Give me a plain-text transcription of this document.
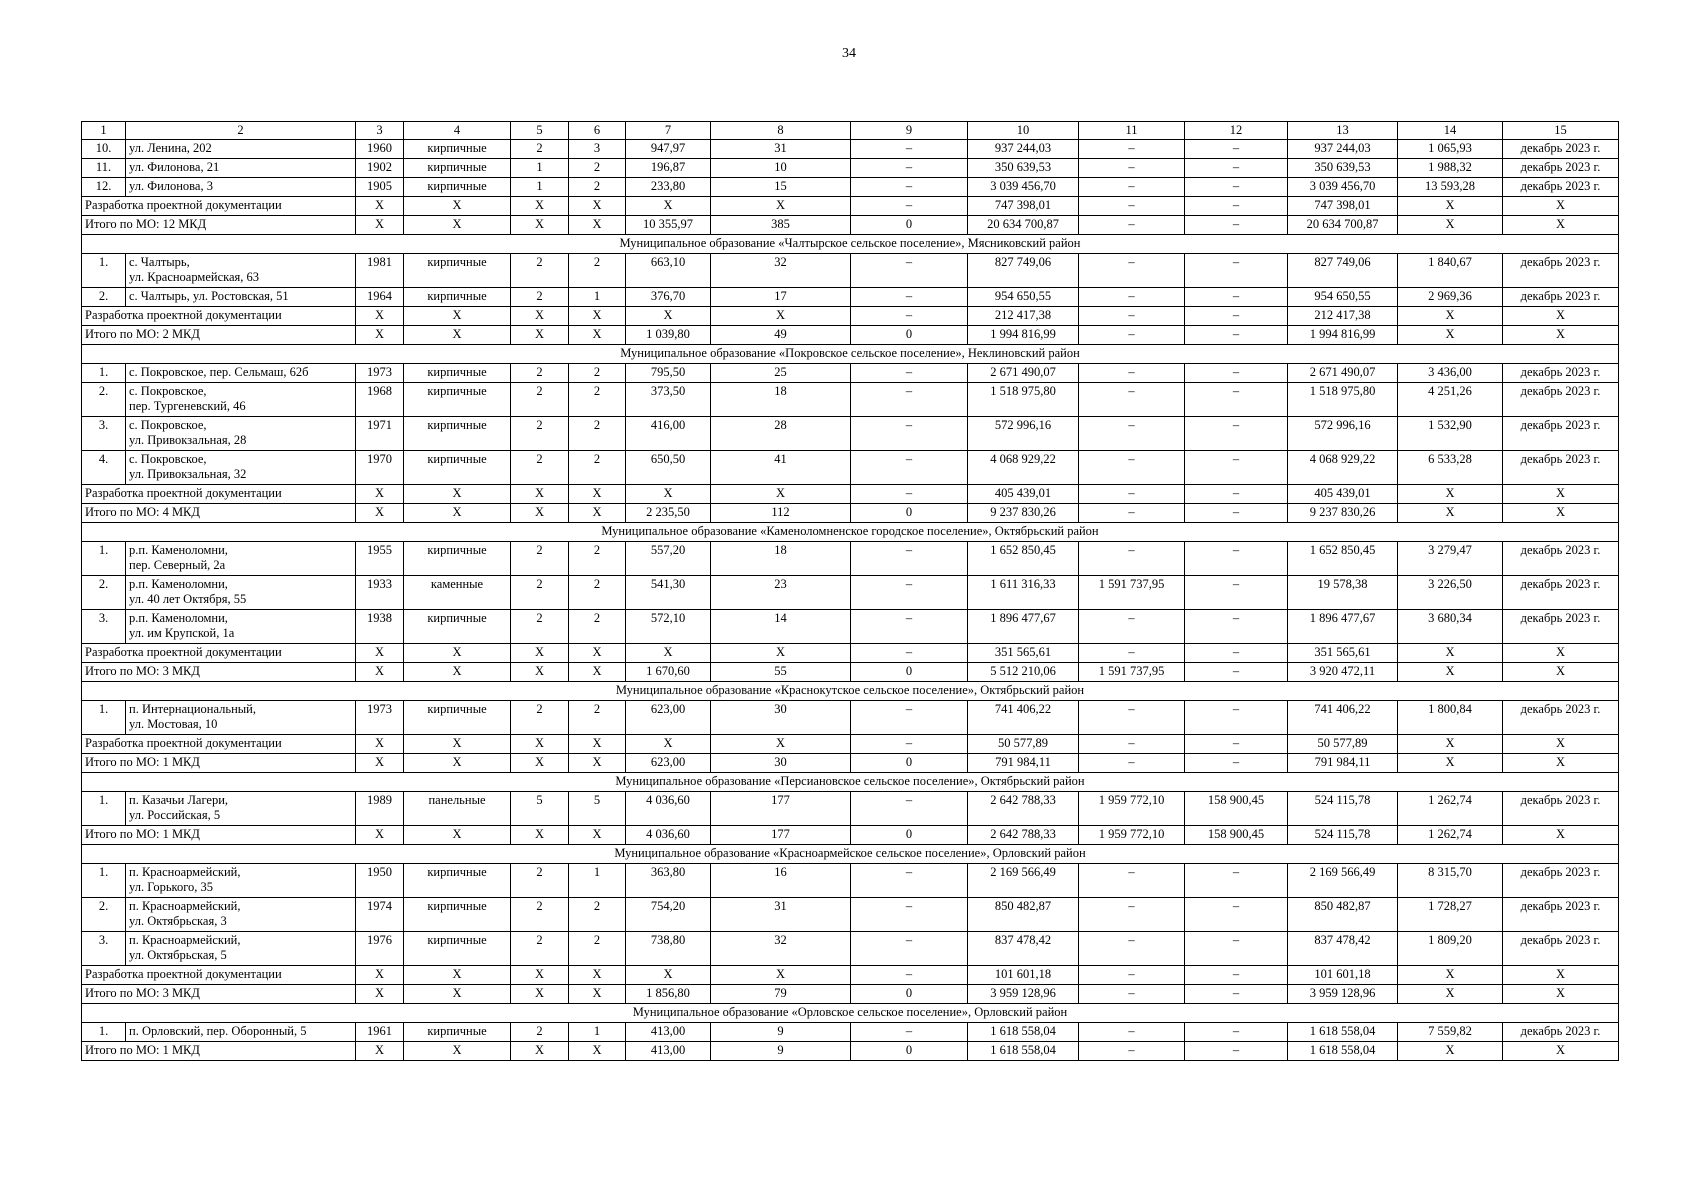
34
1	2	3	4	5	6	7	8	9	10	11	12	13	14	15
10.	ул. Ленина, 202	1960	кирпичные	2	3	947,97	31	–	937 244,03	–	–	937 244,03	1 065,93	декабрь 2023 г.
11.	ул. Филонова, 21	1902	кирпичные	1	2	196,87	10	–	350 639,53	–	–	350 639,53	1 988,32	декабрь 2023 г.
12.	ул. Филонова, 3	1905	кирпичные	1	2	233,80	15	–	3 039 456,70	–	–	3 039 456,70	13 593,28	декабрь 2023 г.
Разработка проектной документации		X	X	X	X	X	X	–	747 398,01	–	–	747 398,01	X	X
Итого по МО: 12 МКД		X	X	X	X	10 355,97	385	0	20 634 700,87	–	–	20 634 700,87	X	X
Муниципальное образование «Чалтырское сельское поселение», Мясниковский район														
1.	с. Чалтырь,
ул. Красноармейская, 63	1981	кирпичные	2	2	663,10	32	–	827 749,06	–	–	827 749,06	1 840,67	декабрь 2023 г.
2.	с. Чалтырь, ул. Ростовская, 51	1964	кирпичные	2	1	376,70	17	–	954 650,55	–	–	954 650,55	2 969,36	декабрь 2023 г.
Разработка проектной документации		X	X	X	X	X	X	–	212 417,38	–	–	212 417,38	X	X
Итого по МО: 2 МКД		X	X	X	X	1 039,80	49	0	1 994 816,99	–	–	1 994 816,99	X	X
Муниципальное образование «Покровское сельское поселение», Неклиновский район														
1.	с. Покровское, пер. Сельмаш, 62б	1973	кирпичные	2	2	795,50	25	–	2 671 490,07	–	–	2 671 490,07	3 436,00	декабрь 2023 г.
2.	с. Покровское,
пер. Тургеневский, 46	1968	кирпичные	2	2	373,50	18	–	1 518 975,80	–	–	1 518 975,80	4 251,26	декабрь 2023 г.
3.	с. Покровское,
ул. Привокзальная, 28	1971	кирпичные	2	2	416,00	28	–	572 996,16	–	–	572 996,16	1 532,90	декабрь 2023 г.
4.	с. Покровское,
ул. Привокзальная, 32	1970	кирпичные	2	2	650,50	41	–	4 068 929,22	–	–	4 068 929,22	6 533,28	декабрь 2023 г.
Разработка проектной документации		X	X	X	X	X	X	–	405 439,01	–	–	405 439,01	X	X
Итого по МО: 4 МКД		X	X	X	X	2 235,50	112	0	9 237 830,26	–	–	9 237 830,26	X	X
Муниципальное образование «Каменоломненское городское поселение», Октябрьский район														
1.	р.п. Каменоломни,
пер. Северный, 2а	1955	кирпичные	2	2	557,20	18	–	1 652 850,45	–	–	1 652 850,45	3 279,47	декабрь 2023 г.
2.	р.п. Каменоломни,
ул. 40 лет Октября, 55	1933	каменные	2	2	541,30	23	–	1 611 316,33	1 591 737,95	–	19 578,38	3 226,50	декабрь 2023 г.
3.	р.п. Каменоломни,
ул. им Крупской, 1а	1938	кирпичные	2	2	572,10	14	–	1 896 477,67	–	–	1 896 477,67	3 680,34	декабрь 2023 г.
Разработка проектной документации		X	X	X	X	X	X	–	351 565,61	–	–	351 565,61	X	X
Итого по МО: 3 МКД		X	X	X	X	1 670,60	55	0	5 512 210,06	1 591 737,95	–	3 920 472,11	X	X
Муниципальное образование «Краснокутское сельское поселение», Октябрьский район														
1.	п. Интернациональный,
ул. Мостовая, 10	1973	кирпичные	2	2	623,00	30	–	741 406,22	–	–	741 406,22	1 800,84	декабрь 2023 г.
Разработка проектной документации		X	X	X	X	X	X	–	50 577,89	–	–	50 577,89	X	X
Итого по МО: 1 МКД		X	X	X	X	623,00	30	0	791 984,11	–	–	791 984,11	X	X
Муниципальное образование «Персиановское сельское поселение», Октябрьский район														
1.	п. Казачьи Лагери,
ул. Российская, 5	1989	панельные	5	5	4 036,60	177	–	2 642 788,33	1 959 772,10	158 900,45	524 115,78	1 262,74	декабрь 2023 г.
Итого по МО: 1 МКД		X	X	X	X	4 036,60	177	0	2 642 788,33	1 959 772,10	158 900,45	524 115,78	1 262,74	X
Муниципальное образование «Красноармейское сельское поселение», Орловский район														
1.	п. Красноармейский,
ул. Горького, 35	1950	кирпичные	2	1	363,80	16	–	2 169 566,49	–	–	2 169 566,49	8 315,70	декабрь 2023 г.
2.	п. Красноармейский,
ул. Октябрьская, 3	1974	кирпичные	2	2	754,20	31	–	850 482,87	–	–	850 482,87	1 728,27	декабрь 2023 г.
3.	п. Красноармейский,
ул. Октябрьская, 5	1976	кирпичные	2	2	738,80	32	–	837 478,42	–	–	837 478,42	1 809,20	декабрь 2023 г.
Разработка проектной документации		X	X	X	X	X	X	–	101 601,18	–	–	101 601,18	X	X
Итого по МО: 3 МКД		X	X	X	X	1 856,80	79	0	3 959 128,96	–	–	3 959 128,96	X	X
Муниципальное образование «Орловское сельское поселение», Орловский район														
1.	п. Орловский, пер. Оборонный, 5	1961	кирпичные	2	1	413,00	9	–	1 618 558,04	–	–	1 618 558,04	7 559,82	декабрь 2023 г.
Итого по МО: 1 МКД		X	X	X	X	413,00	9	0	1 618 558,04	–	–	1 618 558,04	X	X
